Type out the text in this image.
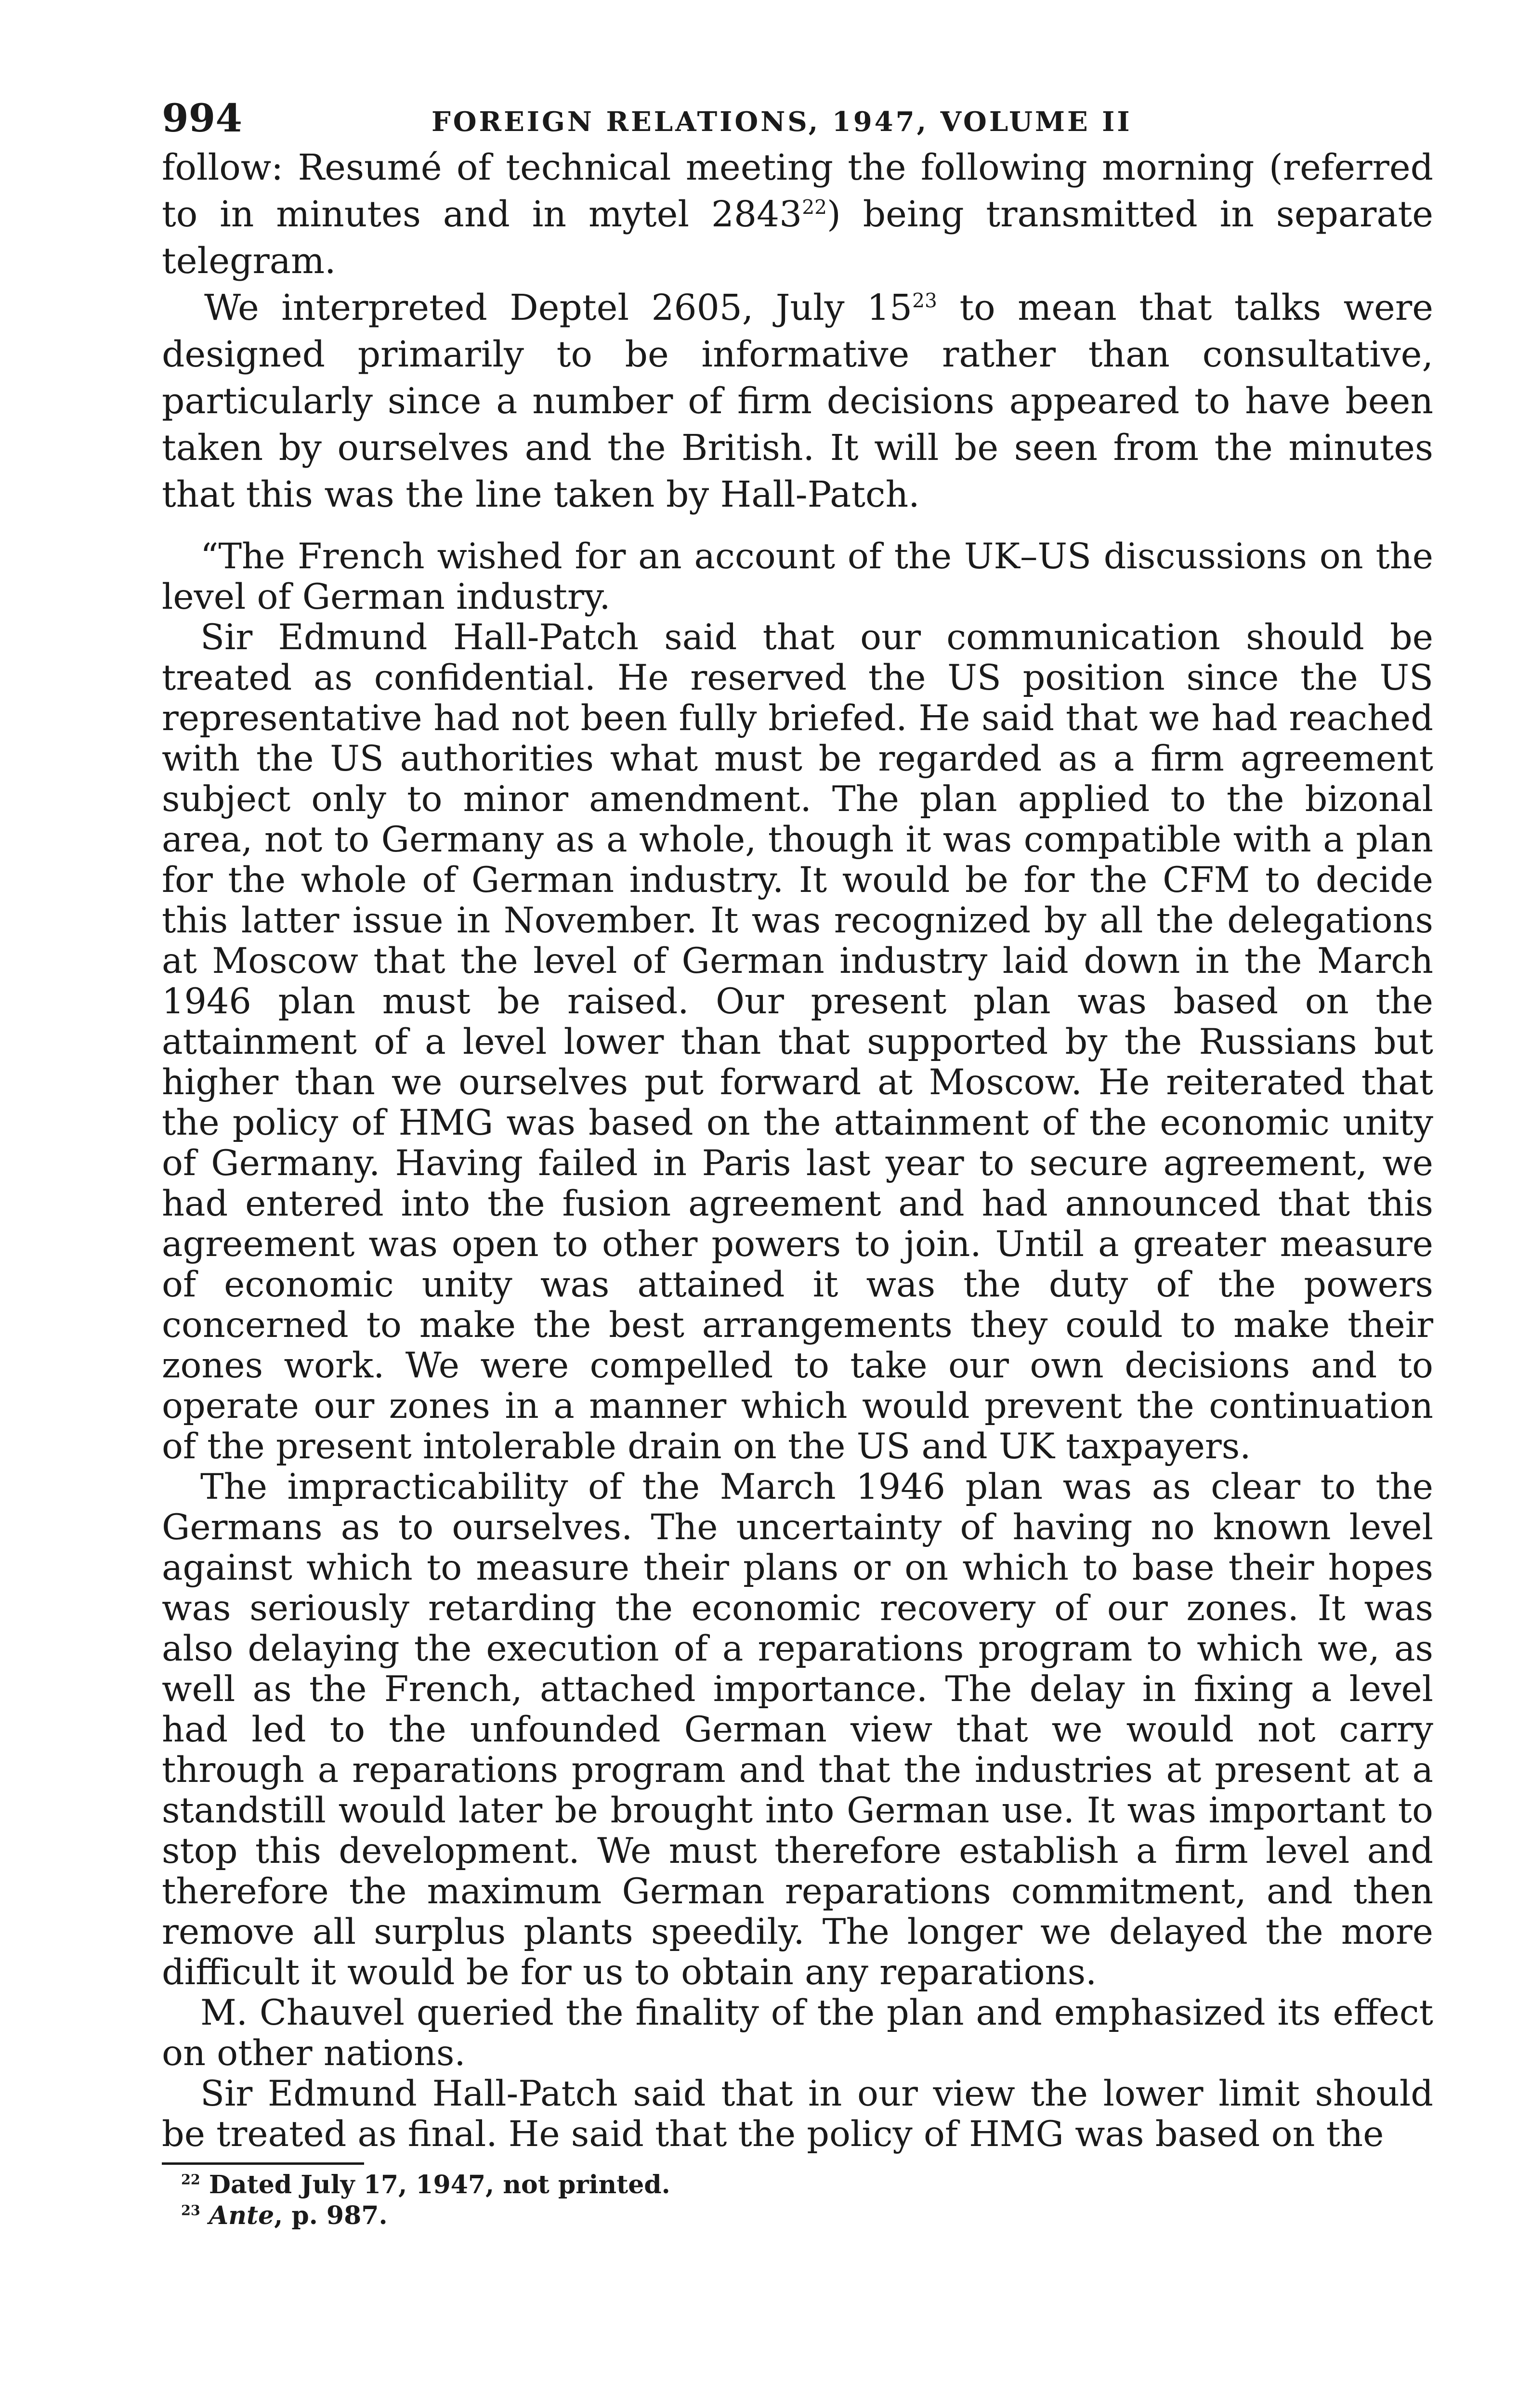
994	FOREIGN RELATIONS, 1947, VOLUME II

follow: Resumé of technical meeting the following morning (referred to in minutes and in mytel 2843$^{22}$) being transmitted in separate telegram.

We interpreted Deptel 2605, July $15^{23}$ to mean that talks were designed primarily to be informative rather than consultative, particularly since a number of firm decisions appeared to have been taken by ourselves and the British. It will be seen from the minutes that this was the line taken by Hall-Patch.

“The French wished for an account of the UK–US discussions on the level of German industry.

Sir Edmund Hall-Patch said that our communication should be treated as confidential. He reserved the US position since the US representative had not been fully briefed. He said that we had reached with the US authorities what must be regarded as a firm agreement subject only to minor amendment. The plan applied to the bizonal area, not to Germany as a whole, though it was compatible with a plan for the whole of German industry. It would be for the CFM to decide this latter issue in November. It was recognized by all the delegations at Moscow that the level of German industry laid down in the March 1946 plan must be raised. Our present plan was based on the attainment of a level lower than that supported by the Russians but higher than we ourselves put forward at Moscow. He reiterated that the policy of HMG was based on the attainment of the economic unity of Germany. Having failed in Paris last year to secure agreement, we had entered into the fusion agreement and had announced that this agreement was open to other powers to join. Until a greater measure of economic unity was attained it was the duty of the powers concerned to make the best arrangements they could to make their zones work. We were compelled to take our own decisions and to operate our zones in a manner which would prevent the continuation of the present intolerable drain on the US and UK taxpayers.

The impracticability of the March 1946 plan was as clear to the Germans as to ourselves. The uncertainty of having no known level against which to measure their plans or on which to base their hopes was seriously retarding the economic recovery of our zones. It was also delaying the execution of a reparations program to which we, as well as the French, attached importance. The delay in fixing a level had led to the unfounded German view that we would not carry through a reparations program and that the industries at present at a standstill would later be brought into German use. It was important to stop this development. We must therefore establish a firm level and therefore the maximum German reparations commitment, and then remove all surplus plants speedily. The longer we delayed the more difficult it would be for us to obtain any reparations.

M. Chauvel queried the finality of the plan and emphasized its effect on other nations.

Sir Edmund Hall-Patch said that in our view the lower limit should be treated as final. He said that the policy of HMG was based on the

$^{22}$ Dated July 17, 1947, not printed.

$^{23}$ Ante, p. 987.
